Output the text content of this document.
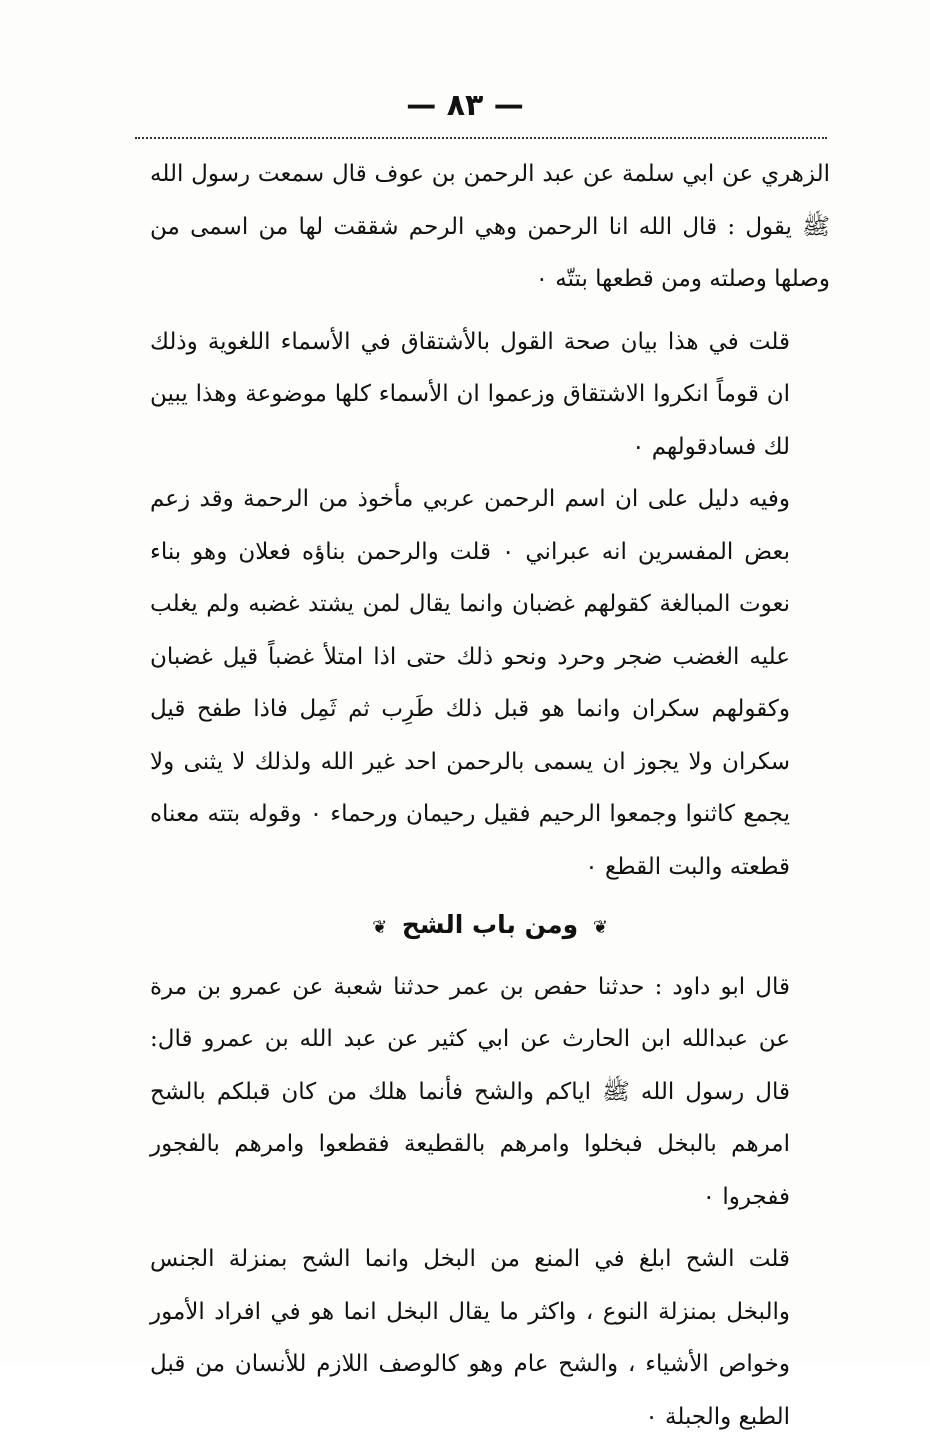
— ٨٣ —

الزهري عن ابي سلمة عن عبد الرحمن بن عوف قال سمعت رسول الله ﷺ يقول : قال الله انا الرحمن وهي الرحم شققت لها من اسمى من وصلها وصلته ومن قطعها بتتّه ٠

قلت في هذا بيان صحة القول بالأشتقاق في الأسماء اللغوية وذلك ان قوماً انكروا الاشتقاق وزعموا ان الأسماء كلها موضوعة وهذا يبين لك فسادقولهم ٠

وفيه دليل على ان اسم الرحمن عربي مأخوذ من الرحمة وقد زعم بعض المفسرين انه عبراني ٠ قلت والرحمن بناؤه فعلان وهو بناء نعوت المبالغة كقولهم غضبان وانما يقال لمن يشتد غضبه ولم يغلب عليه الغضب ضجر وحرد ونحو ذلك حتى اذا امتلأ غضباً قيل غضبان وكقولهم سكران وانما هو قبل ذلك طَرِب ثم ثَمِل فاذا طفح قيل سكران ولا يجوز ان يسمى بالرحمن احد غير الله ولذلك لا يثنى ولا يجمع كاثنوا وجمعوا الرحيم فقيل رحيمان ورحماء ٠ وقوله بتته معناه قطعته والبت القطع ٠

❦ ومن باب الشح ❦

قال ابو داود : حدثنا حفص بن عمر حدثنا شعبة عن عمرو بن مرة عن عبدالله ابن الحارث عن ابي كثير عن عبد الله بن عمرو قال: قال رسول الله ﷺ اياكم والشح فأنما هلك من كان قبلكم بالشح امرهم بالبخل فبخلوا وامرهم بالقطيعة فقطعوا وامرهم بالفجور ففجروا ٠

قلت الشح ابلغ في المنع من البخل وانما الشح بمنزلة الجنس والبخل بمنزلة النوع ، واكثر ما يقال البخل انما هو في افراد الأمور وخواص الأشياء ، والشح عام وهو كالوصف اللازم للأنسان من قبل الطبع والجبلة ٠
